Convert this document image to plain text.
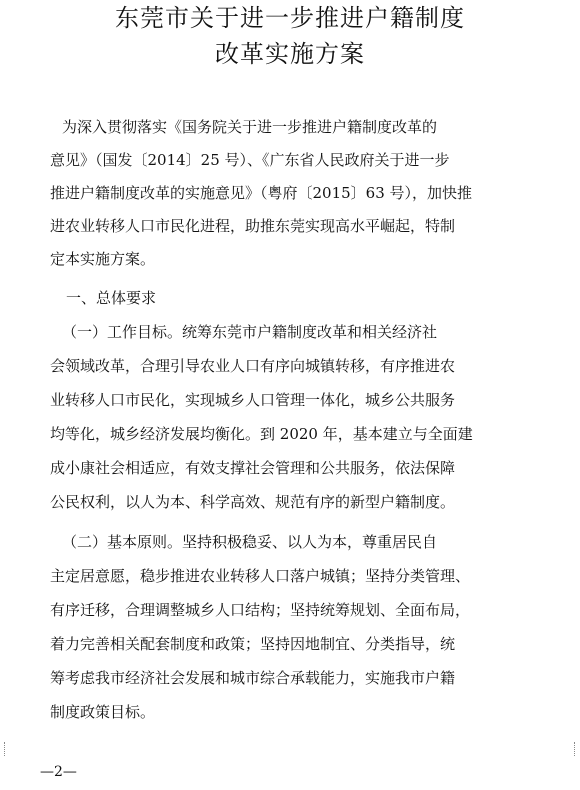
东莞市关于进一步推进户籍制度
改革实施方案
为深入贯彻落实《国务院关于进一步推进户籍制度改革的
意见》（国发〔2014〕25 号）、《广东省人民政府关于进一步
推进户籍制度改革的实施意见》（粤府〔2015〕63 号），加快推
进农业转移人口市民化进程，助推东莞实现高水平崛起，特制
定本实施方案。
一、总体要求
（一）工作目标。统筹东莞市户籍制度改革和相关经济社
会领域改革，合理引导农业人口有序向城镇转移，有序推进农
业转移人口市民化，实现城乡人口管理一体化，城乡公共服务
均等化，城乡经济发展均衡化。到 2020 年，基本建立与全面建
成小康社会相适应，有效支撑社会管理和公共服务，依法保障
公民权利，以人为本、科学高效、规范有序的新型户籍制度。
（二）基本原则。坚持积极稳妥、以人为本，尊重居民自
主定居意愿，稳步推进农业转移人口落户城镇；坚持分类管理、
有序迁移，合理调整城乡人口结构；坚持统筹规划、全面布局，
着力完善相关配套制度和政策；坚持因地制宜、分类指导，统
筹考虑我市经济社会发展和城市综合承载能力，实施我市户籍
制度政策目标。
—2—
